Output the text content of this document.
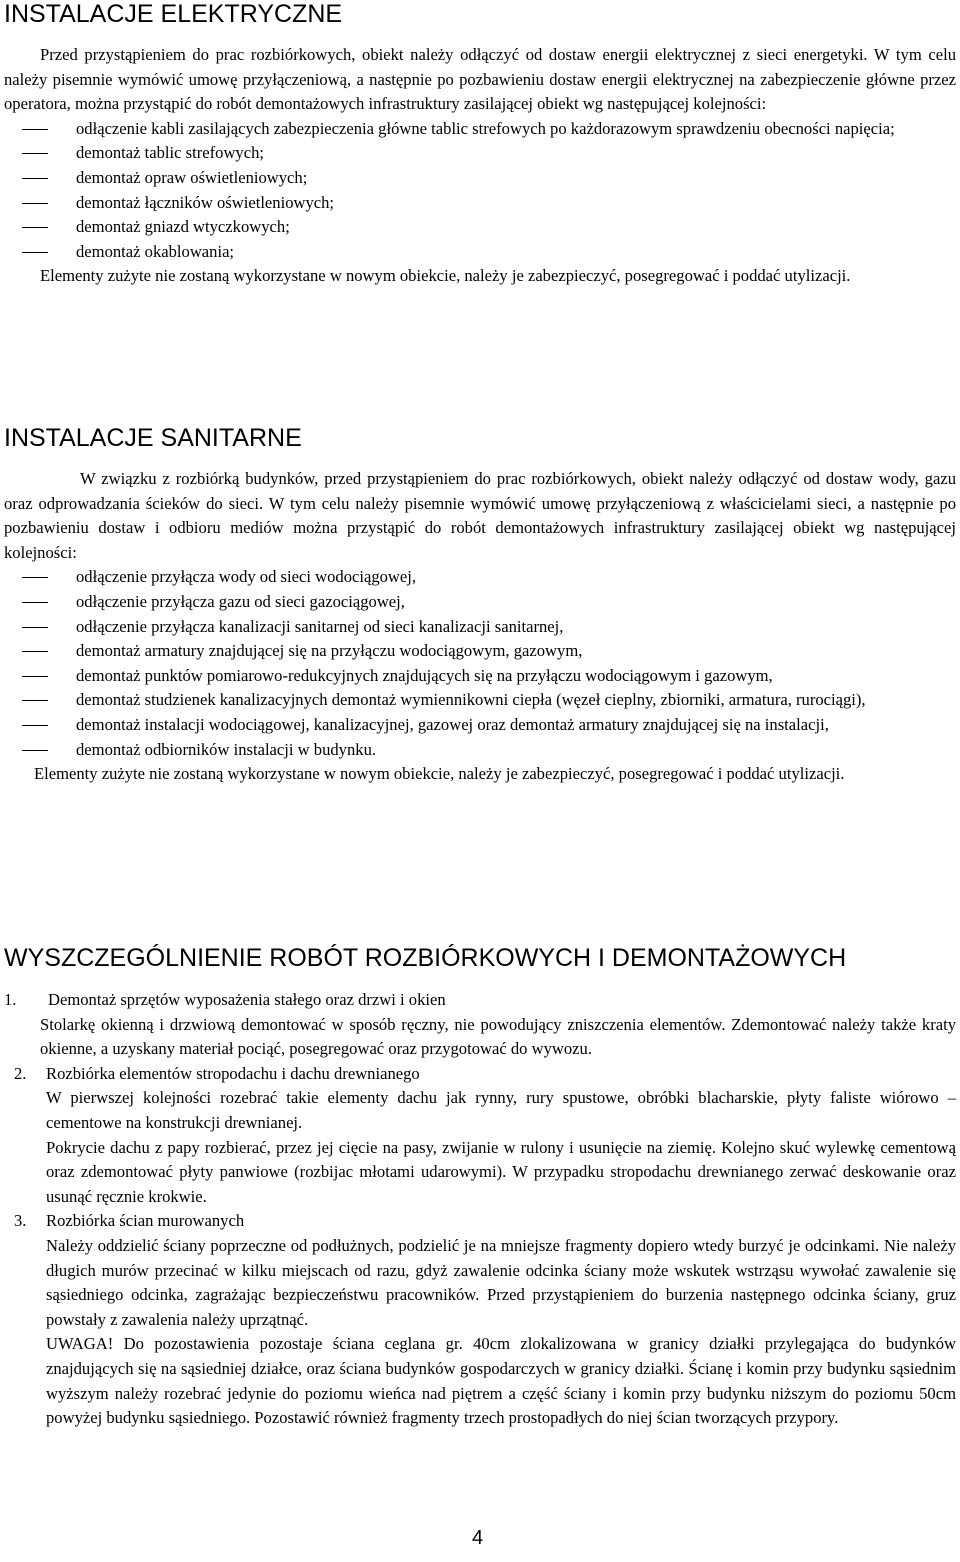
INSTALACJE ELEKTRYCZNE

Przed przystąpieniem do prac rozbiórkowych, obiekt należy odłączyć od dostaw energii elektrycznej z sieci energetyki. W tym celu należy pisemnie wymówić umowę przyłączeniową, a następnie po pozbawieniu dostaw energii elektrycznej na zabezpieczenie główne przez operatora, można przystąpić do robót demontażowych infrastruktury zasilającej obiekt wg następującej kolejności:

odłączenie kabli zasilających zabezpieczenia główne tablic strefowych po każdorazowym sprawdzeniu obecności napięcia;
demontaż tablic strefowych;
demontaż opraw oświetleniowych;
demontaż łączników oświetleniowych;
demontaż gniazd wtyczkowych;
demontaż okablowania;

Elementy zużyte nie zostaną wykorzystane w nowym obiekcie, należy je zabezpieczyć, posegregować i poddać utylizacji.

INSTALACJE SANITARNE

W związku z rozbiórką budynków, przed przystąpieniem do prac rozbiórkowych, obiekt należy odłączyć od dostaw wody, gazu oraz odprowadzania ścieków do sieci. W tym celu należy pisemnie wymówić umowę przyłączeniową z właścicielami sieci, a następnie po pozbawieniu dostaw i odbioru mediów można przystąpić do robót demontażowych infrastruktury zasilającej obiekt wg następującej kolejności:

odłączenie przyłącza wody od sieci wodociągowej,
odłączenie przyłącza gazu od sieci gazociągowej,
odłączenie przyłącza kanalizacji sanitarnej od sieci kanalizacji sanitarnej,
demontaż armatury znajdującej się na przyłączu wodociągowym, gazowym,
demontaż punktów pomiarowo-redukcyjnych znajdujących się na przyłączu wodociągowym i gazowym,
demontaż studzienek kanalizacyjnych demontaż wymiennikowni ciepła (węzeł cieplny, zbiorniki, armatura, rurociągi),
demontaż instalacji wodociągowej, kanalizacyjnej, gazowej oraz demontaż armatury znajdującej się na instalacji,
demontaż odbiorników instalacji w budynku.

Elementy zużyte nie zostaną wykorzystane w nowym obiekcie, należy je zabezpieczyć, posegregować i poddać utylizacji.

WYSZCZEGÓLNIENIE ROBÓT ROZBIÓRKOWYCH I DEMONTAŻOWYCH
1.	Demontaż sprzętów wyposażenia stałego oraz drzwi i okien

Stolarkę okienną i drzwiową demontować w sposób ręczny, nie powodujący zniszczenia elementów. Zdemontować należy także kraty okienne, a uzyskany materiał pociąć, posegregować oraz przygotować do wywozu.

2. Rozbiórka elementów stropodachu i dachu drewnianego

W pierwszej kolejności rozebrać takie elementy dachu jak rynny, rury spustowe, obróbki blacharskie, płyty faliste wiórowo – cementowe na konstrukcji drewnianej.

Pokrycie dachu z papy rozbierać, przez jej cięcie na pasy, zwijanie w rulony i usunięcie na ziemię. Kolejno skuć wylewkę cementową oraz zdemontować płyty panwiowe (rozbijac młotami udarowymi). W przypadku stropodachu drewnianego zerwać deskowanie oraz usunąć ręcznie krokwie.

3. Rozbiórka ścian murowanych

Należy oddzielić ściany poprzeczne od podłużnych, podzielić je na mniejsze fragmenty dopiero wtedy burzyć je odcinkami. Nie należy długich murów przecinać w kilku miejscach od razu, gdyż zawalenie odcinka ściany może wskutek wstrząsu wywołać zawalenie się sąsiedniego odcinka, zagrażając bezpieczeństwu pracowników. Przed przystąpieniem do burzenia następnego odcinka ściany, gruz powstały z zawalenia należy uprzątnąć.

UWAGA! Do pozostawienia pozostaje ściana ceglana gr. 40cm zlokalizowana w granicy działki przylegająca do budynków znajdujących się na sąsiedniej działce, oraz ściana budynków gospodarczych w granicy działki. Ścianę i komin przy budynku sąsiednim wyższym należy rozebrać jedynie do poziomu wieńca nad piętrem a część ściany i komin przy budynku niższym do poziomu 50cm powyżej budynku sąsiedniego. Pozostawić również fragmenty trzech prostopadłych do niej ścian tworzących przypory.

4
